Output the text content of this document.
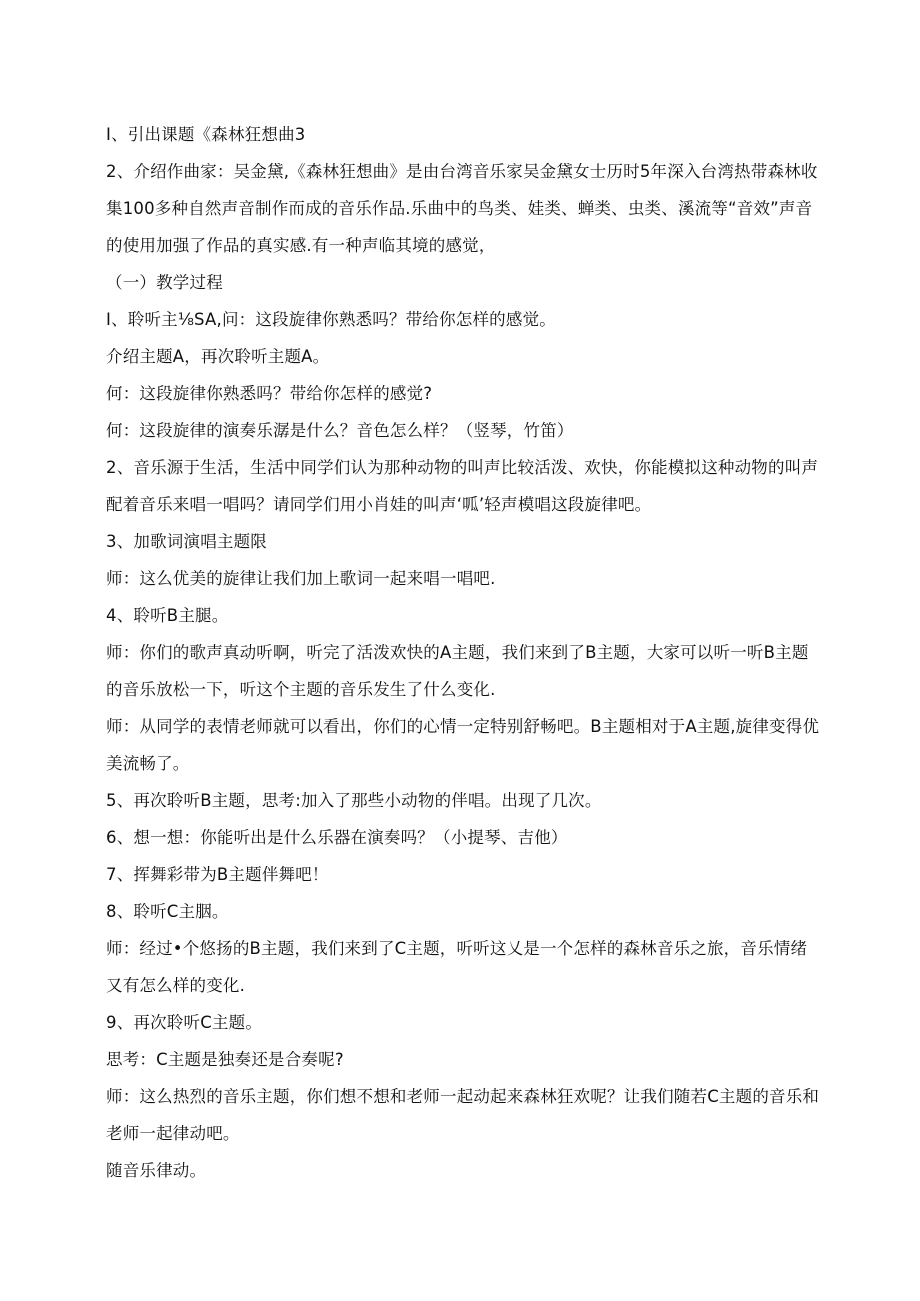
I、引出课题《森林狂想曲3

2、介绍作曲家：吴金黛,《森林狂想曲》是由台湾音乐家吴金黛女士历时5年深入台湾热带森林收集100多种自然声音制作而成的音乐作品.乐曲中的鸟类、娃类、蝉类、虫类、溪流等“音效”声音的使用加强了作品的真实感.有一种声临其境的感觉，

（一）教学过程

I、聆听主⅛SA,问：这段旋律你熟悉吗？带给你怎样的感觉。

介绍主题A，再次聆听主题A。

何：这段旋律你熟悉吗？带给你怎样的感觉?

何：这段旋律的演奏乐潺是什么？音色怎么样？（竖琴，竹笛）

2、音乐源于生活，生活中同学们认为那种动物的叫声比较活泼、欢快，你能模拟这种动物的叫声配着音乐来唱一唱吗？请同学们用小肖娃的叫声‘呱’轻声模唱这段旋律吧。

3、加歌词演唱主题限

师：这么优美的旋律让我们加上歌词一起来唱一唱吧.

4、聆听B主腿。

师：你们的歌声真动听啊，听完了活泼欢快的A主题，我们来到了B主题，大家可以听一听B主题的音乐放松一下，听这个主题的音乐发生了什么变化.

师：从同学的表情老师就可以看出，你们的心情一定特别舒畅吧。B主题相对于A主题,旋律变得优美流畅了。

5、再次聆听B主题，思考:加入了那些小动物的伴唱。出现了几次。

6、想一想：你能听出是什么乐器在演奏吗？（小提琴、吉他）

7、挥舞彩带为B主题伴舞吧！

8、聆听C主胭。

师：经过•个悠扬的B主题，我们来到了C主题，听听这乂是一个怎样的森林音乐之旅，音乐情绪又有怎么样的变化.

9、再次聆听C主题。

思考：C主题是独奏还是合奏呢?

师：这么热烈的音乐主题，你们想不想和老师一起动起来森林狂欢呢？让我们随若C主题的音乐和老师一起律动吧。

随音乐律动。
